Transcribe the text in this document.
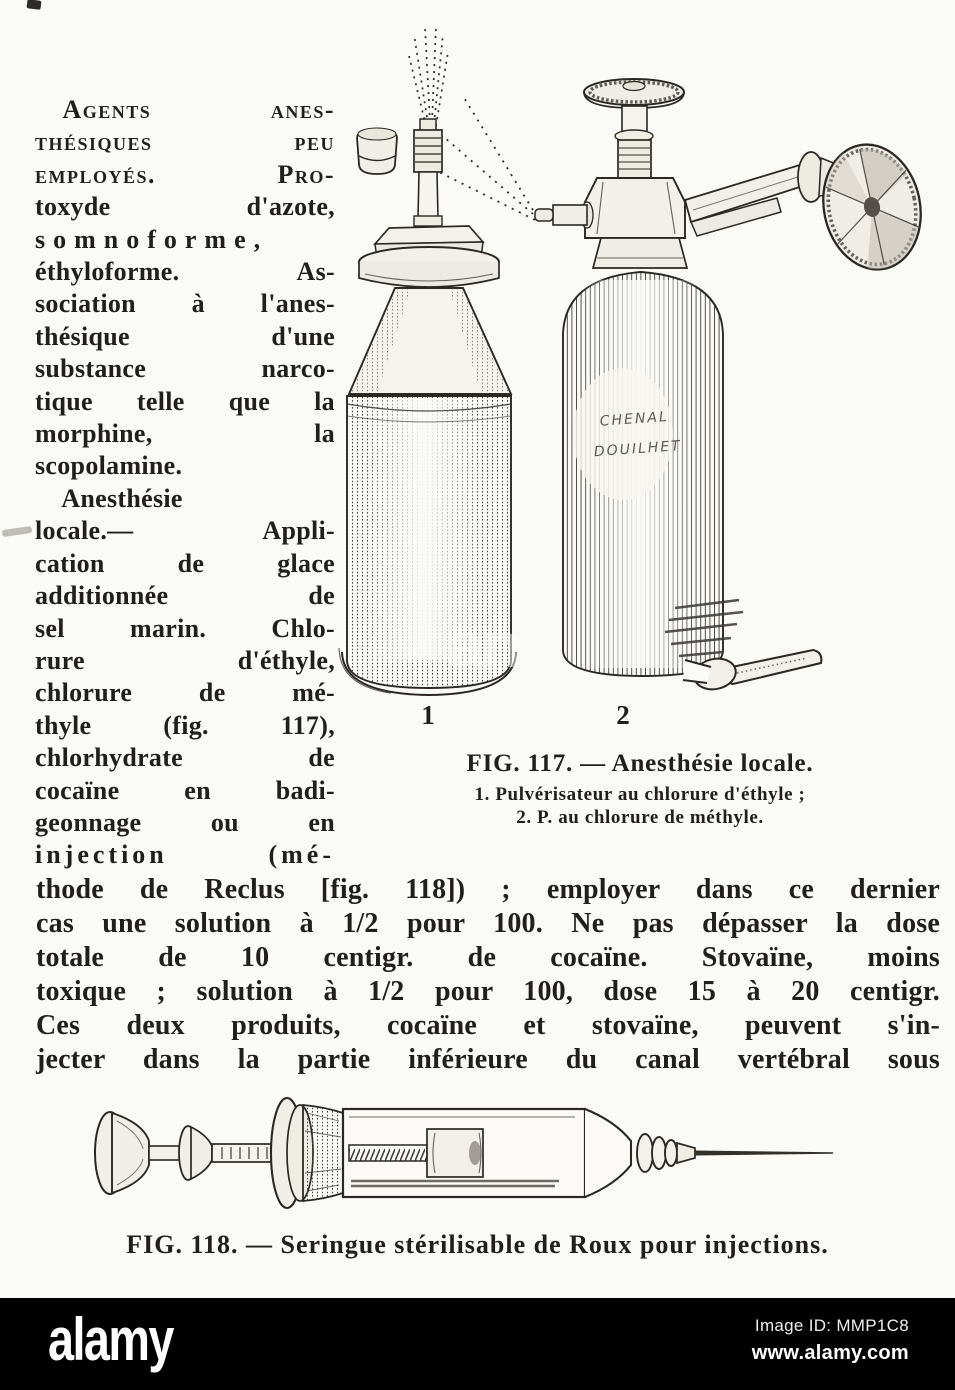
 Agents anes-
thésiques peu
employés. Pro-
toxyde d'azote,
somnoforme,
éthyloforme. As-
sociation à l'anes-
thésique d'une
substance narco-
tique telle que la
morphine, la
scopolamine.
 Anesthésie
locale.— Appli-
cation de glace
additionnée de
sel marin. Chlo-
rure d'éthyle,
chlorure de mé-
thyle (fig. 117),
chlorhydrate de
cocaïne en badi-
geonnage ou en
injection (mé-
CHENAL
DOUILHET
an
1	2
FIG. 117. — Anesthésie locale.
1. Pulvérisateur au chlorure d'éthyle ;
2. P. au chlorure de méthyle.
thode de Reclus [fig. 118]) ; employer dans ce dernier
cas une solution à 1/2 pour 100. Ne pas dépasser la dose
totale de 10 centigr. de cocaïne. Stovaïne, moins
toxique ; solution à 1/2 pour 100, dose 15 à 20 centigr.
Ces deux produits, cocaïne et stovaïne, peuvent s'in-
jecter dans la partie inférieure du canal vertébral sous
FIG. 118. — Seringue stérilisable de Roux pour injections.
alamy	Image ID: MMP1C8
www.alamy.com
